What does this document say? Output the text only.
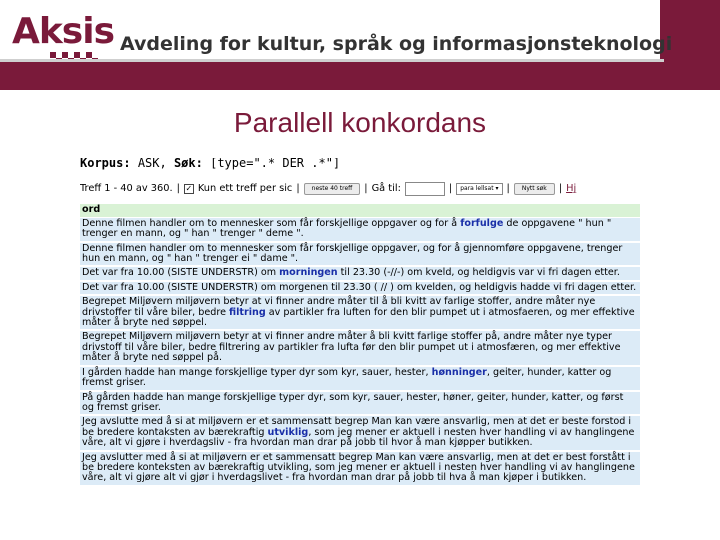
Aksis Avdeling for kultur, språk og informasjonsteknologi
Parallell konkordans
Korpus: ASK, Søk: [type=".* DER .*"]
Treff 1 - 40 av 360. | ✓ Kun ett treff per sic |	neste 40 treff	| Gå til:	|	para lellsat ▾ |	Nytt søk	| Hj
ord
Denne filmen handler om to mennesker som får forskjellige oppgaver og for å forfulge de oppgavene " hun " trenger en mann, og " han " trenger " deme ".
Denne filmen handler om to mennesker som får forskjellige oppgaver, og for å gjennomføre oppgavene, trenger hun en mann, og " han " trenger ei " dame ".
Det var fra 10.00 (SISTE UNDERSTR) om morningen til 23.30 (-//-) om kveld, og heldigvis var vi fri dagen etter.
Det var fra 10.00 (SISTE UNDERSTR) om morgenen til 23.30 ( // ) om kvelden, og heldigvis hadde vi fri dagen etter.
Begrepet Miljøvern miljøvern betyr at vi finner andre måter til å bli kvitt av farlige stoffer, andre måter nye drivstoffer til våre biler, bedre filtring av partikler fra luften for den blir pumpet ut i atmosfaeren, og mer effektive måter å bryte ned søppel.
Begrepet Miljøvern miljøvern betyr at vi finner andre måter å bli kvitt farlige stoffer på, andre måter nye typer drivstoff til våre biler, bedre filtrering av partikler fra lufta før den blir pumpet ut i atmosfæren, og mer effektive måter å bryte ned søppel på.
I gården hadde han mange forskjellige typer dyr som kyr, sauer, hester, hønninger, geiter, hunder, katter og fremst griser.
På gården hadde han mange forskjellige typer dyr, som kyr, sauer, hester, høner, geiter, hunder, katter, og først og fremst griser.
Jeg avslutte med å si at miljøvern er et sammensatt begrep Man kan være ansvarlig, men at det er beste forstod i be bredere kontaksten av bærekraftig utviklig, som jeg mener er aktuell i nesten hver handling vi av hanglingene våre, alt vi gjøre i hverdagsliv - fra hvordan man drar på jobb til hvor å man kjøpper butikken.
Jeg avslutter med å si at miljøvern er et sammensatt begrep Man kan være ansvarlig, men at det er best forstått i be bredere konteksten av bærekraftig utvikling, som jeg mener er aktuell i nesten hver handling vi av hanglingene våre, alt vi gjøre alt vi gjør i hverdagslivet - fra hvordan man drar på jobb til hva å man kjøper i butikken.
